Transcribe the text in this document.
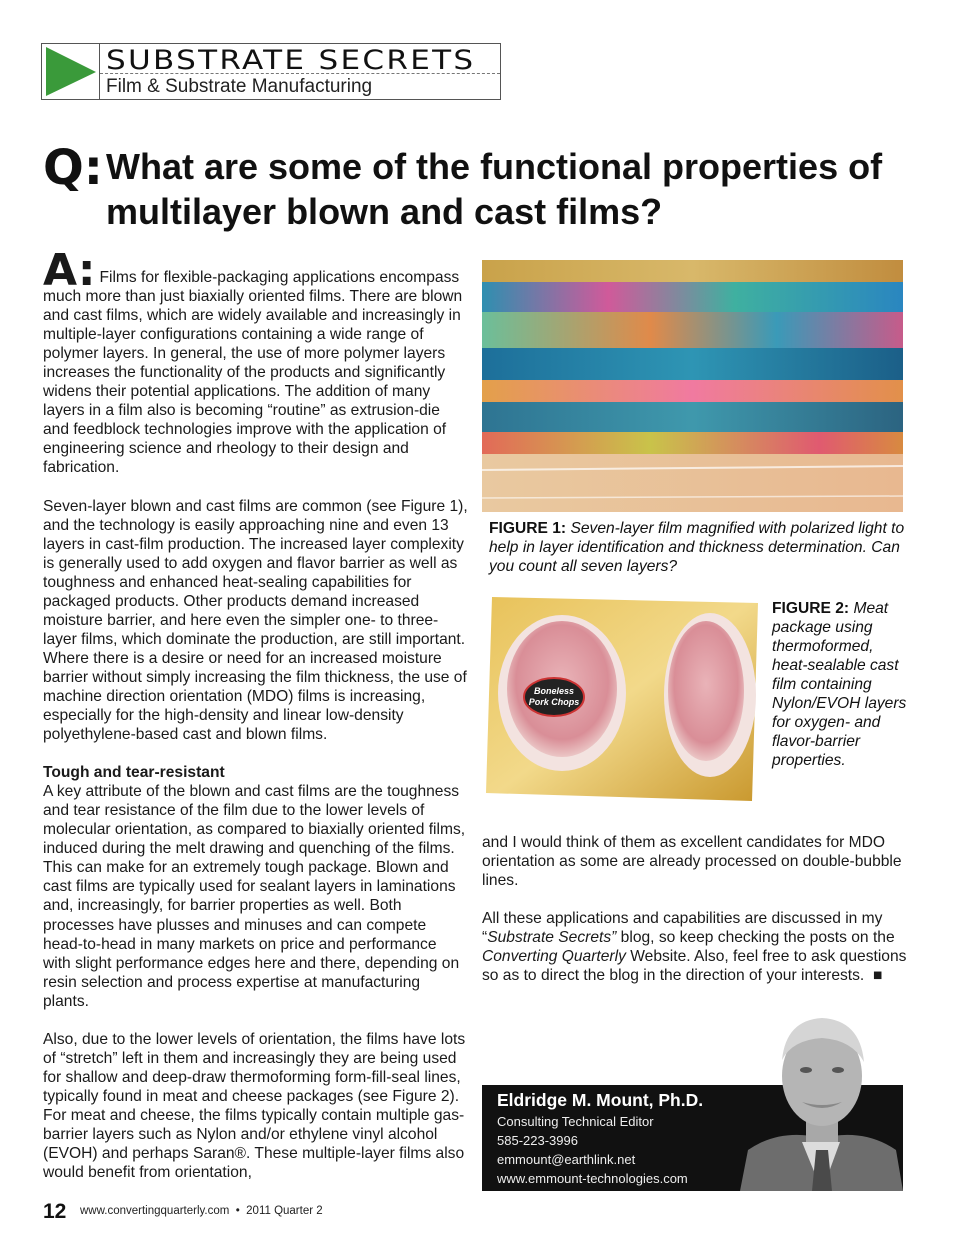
SUBSTRATE SECRETS
Film & Substrate Manufacturing
Q: What are some of the functional properties of multilayer blown and cast films?

A: Films for flexible-packaging applications encompass much more than just biaxially oriented films. There are blown and cast films, which are widely available and increasingly in multiple-layer configurations containing a wide range of polymer layers. In general, the use of more polymer layers increases the functionality of the products and significantly widens their potential applications. The addition of many layers in a film also is becoming “routine” as extrusion-die and feedblock technologies improve with the application of engineering science and rheology to their design and fabrication.

Seven-layer blown and cast films are common (see Figure 1), and the technology is easily approaching nine and even 13 layers in cast-film production. The increased layer complexity is generally used to add oxygen and flavor barrier as well as toughness and enhanced heat-sealing capabilities for packaged products. Other products demand increased moisture barrier, and here even the simpler one- to three-layer films, which dominate the production, are still important. Where there is a desire or need for an increased moisture barrier without simply increasing the film thickness, the use of machine direction orientation (MDO) films is increasing, especially for the high-density and linear low-density polyethylene-based cast and blown films.

Tough and tear-resistant

A key attribute of the blown and cast films are the toughness and tear resistance of the film due to the lower levels of molecular orientation, as compared to biaxially oriented films, induced during the melt drawing and quenching of the films. This can make for an extremely tough package. Blown and cast films are typically used for sealant layers in laminations and, increasingly, for barrier properties as well. Both processes have plusses and minuses and can compete head-to-head in many markets on price and performance with slight performance edges here and there, depending on resin selection and process expertise at manufacturing plants.

Also, due to the lower levels of orientation, the films have lots of “stretch” left in them and increasingly they are being used for shallow and deep-draw thermoforming form-fill-seal lines, typically found in meat and cheese packages (see Figure 2). For meat and cheese, the films typically contain multiple gas-barrier layers such as Nylon and/or ethylene vinyl alcohol (EVOH) and perhaps Saran®. These multiple-layer films also would benefit from orientation,

FIGURE 1: Seven-layer film magnified with polarized light to help in layer identification and thickness determination. Can you count all seven layers?
Boneless
Pork Chops
FIGURE 2: Meat package using thermoformed, heat-sealable cast film containing Nylon/EVOH layers for oxygen- and flavor-barrier properties.

and I would think of them as excellent candidates for MDO orientation as some are already processed on double-bubble lines.

All these applications and capabilities are discussed in my “Substrate Secrets” blog, so keep checking the posts on the Converting Quarterly Website. Also, feel free to ask questions so as to direct the blog in the direction of your interests. ■

Eldridge M. Mount, Ph.D.
Consulting Technical Editor
585-223-3996
emmount@earthlink.net
www.emmount-technologies.com
12 www.convertingquarterly.com  •  2011 Quarter 2
